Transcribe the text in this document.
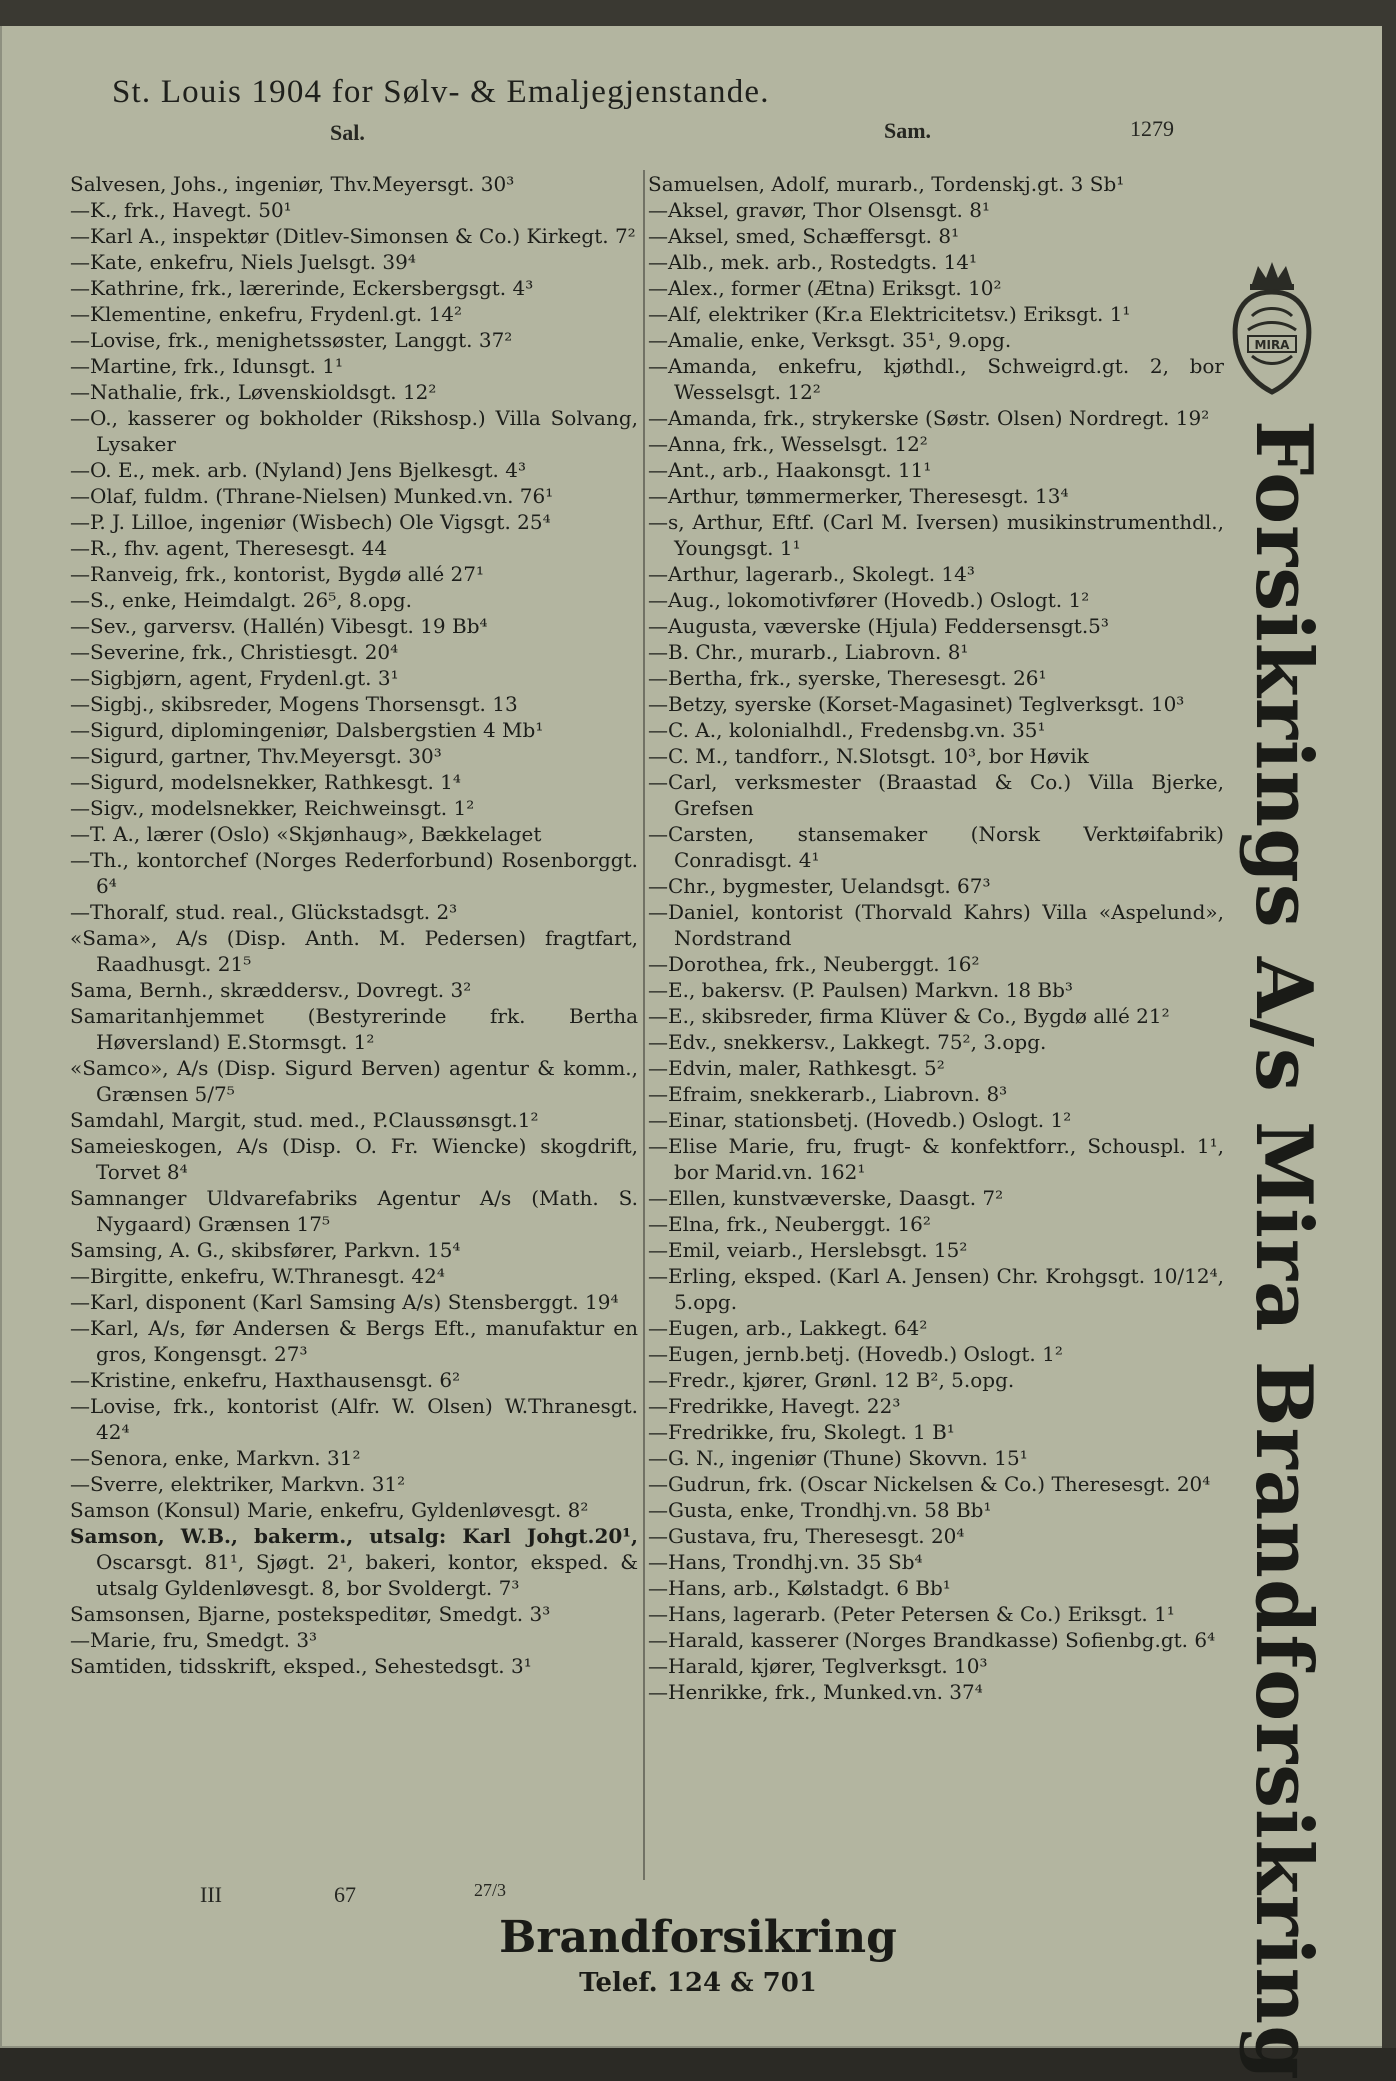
St. Louis 1904 for Sølv- & Emaljegjenstande.
Sal.	Sam.	1279

Salvesen, Johs., ingeniør, Thv.Meyersgt. 30³

—K., frk., Havegt. 50¹

—Karl A., inspektør (Ditlev-Simonsen & Co.) Kirkegt. 7²

—Kate, enkefru, Niels Juelsgt. 39⁴

—Kathrine, frk., lærerinde, Eckersbergsgt. 4³

—Klementine, enkefru, Frydenl.gt. 14²

—Lovise, frk., menighetssøster, Langgt. 37²

—Martine, frk., Idunsgt. 1¹

—Nathalie, frk., Løvenskioldsgt. 12²

—O., kasserer og bokholder (Rikshosp.) Villa Solvang, Lysaker

—O. E., mek. arb. (Nyland) Jens Bjelkesgt. 4³

—Olaf, fuldm. (Thrane-Nielsen) Munked.vn. 76¹

—P. J. Lilloe, ingeniør (Wisbech) Ole Vigsgt. 25⁴

—R., fhv. agent, Theresesgt. 44

—Ranveig, frk., kontorist, Bygdø allé 27¹

—S., enke, Heimdalgt. 26⁵, 8.opg.

—Sev., garversv. (Hallén) Vibesgt. 19 Bb⁴

—Severine, frk., Christiesgt. 20⁴

—Sigbjørn, agent, Frydenl.gt. 3¹

—Sigbj., skibsreder, Mogens Thorsensgt. 13

—Sigurd, diplomingeniør, Dalsbergstien 4 Mb¹

—Sigurd, gartner, Thv.Meyersgt. 30³

—Sigurd, modelsnekker, Rathkesgt. 1⁴

—Sigv., modelsnekker, Reichweinsgt. 1²

—T. A., lærer (Oslo) «Skjønhaug», Bækkelaget

—Th., kontorchef (Norges Rederforbund) Rosenborggt. 6⁴

—Thoralf, stud. real., Glückstadsgt. 2³

«Sama», A/s (Disp. Anth. M. Pedersen) fragtfart, Raadhusgt. 21⁵

Sama, Bernh., skræddersv., Dovregt. 3²

Samaritanhjemmet (Bestyrerinde frk. Bertha Høversland) E.Stormsgt. 1²

«Samco», A/s (Disp. Sigurd Berven) agentur & komm., Grænsen 5/7⁵

Samdahl, Margit, stud. med., P.Claussønsgt.1²

Sameieskogen, A/s (Disp. O. Fr. Wiencke) skogdrift, Torvet 8⁴

Samnanger Uldvarefabriks Agentur A/s (Math. S. Nygaard) Grænsen 17⁵

Samsing, A. G., skibsfører, Parkvn. 15⁴

—Birgitte, enkefru, W.Thranesgt. 42⁴

—Karl, disponent (Karl Samsing A/s) Stensberggt. 19⁴

—Karl, A/s, før Andersen & Bergs Eft., manufaktur en gros, Kongensgt. 27³

—Kristine, enkefru, Haxthausensgt. 6²

—Lovise, frk., kontorist (Alfr. W. Olsen) W.Thranesgt. 42⁴

—Senora, enke, Markvn. 31²

—Sverre, elektriker, Markvn. 31²

Samson (Konsul) Marie, enkefru, Gyldenløvesgt. 8²

Samson, W.B., bakerm., utsalg: Karl Johgt.20¹, Oscarsgt. 81¹, Sjøgt. 2¹, bakeri, kontor, eksped. & utsalg Gyldenløvesgt. 8, bor Svoldergt. 7³

Samsonsen, Bjarne, postekspeditør, Smedgt. 3³

—Marie, fru, Smedgt. 3³

Samtiden, tidsskrift, eksped., Sehestedsgt. 3¹

Samuelsen, Adolf, murarb., Tordenskj.gt. 3 Sb¹

—Aksel, gravør, Thor Olsensgt. 8¹

—Aksel, smed, Schæffersgt. 8¹

—Alb., mek. arb., Rostedgts. 14¹

—Alex., former (Ætna) Eriksgt. 10²

—Alf, elektriker (Kr.a Elektricitetsv.) Eriksgt. 1¹

—Amalie, enke, Verksgt. 35¹, 9.opg.

—Amanda, enkefru, kjøthdl., Schweigrd.gt. 2, bor Wesselsgt. 12²

—Amanda, frk., strykerske (Søstr. Olsen) Nordregt. 19²

—Anna, frk., Wesselsgt. 12²

—Ant., arb., Haakonsgt. 11¹

—Arthur, tømmermerker, Theresesgt. 13⁴

—s, Arthur, Eftf. (Carl M. Iversen) musikinstrumenthdl., Youngsgt. 1¹

—Arthur, lagerarb., Skolegt. 14³

—Aug., lokomotivfører (Hovedb.) Oslogt. 1²

—Augusta, væverske (Hjula) Feddersensgt.5³

—B. Chr., murarb., Liabrovn. 8¹

—Bertha, frk., syerske, Theresesgt. 26¹

—Betzy, syerske (Korset-Magasinet) Teglverksgt. 10³

—C. A., kolonialhdl., Fredensbg.vn. 35¹

—C. M., tandforr., N.Slotsgt. 10³, bor Høvik

—Carl, verksmester (Braastad & Co.) Villa Bjerke, Grefsen

—Carsten, stansemaker (Norsk Verktøifabrik) Conradisgt. 4¹

—Chr., bygmester, Uelandsgt. 67³

—Daniel, kontorist (Thorvald Kahrs) Villa «Aspelund», Nordstrand

—Dorothea, frk., Neuberggt. 16²

—E., bakersv. (P. Paulsen) Markvn. 18 Bb³

—E., skibsreder, firma Klüver & Co., Bygdø allé 21²

—Edv., snekkersv., Lakkegt. 75², 3.opg.

—Edvin, maler, Rathkesgt. 5²

—Efraim, snekkerarb., Liabrovn. 8³

—Einar, stationsbetj. (Hovedb.) Oslogt. 1²

—Elise Marie, fru, frugt- & konfektforr., Schouspl. 1¹, bor Marid.vn. 162¹

—Ellen, kunstvæverske, Daasgt. 7²

—Elna, frk., Neuberggt. 16²

—Emil, veiarb., Herslebsgt. 15²

—Erling, eksped. (Karl A. Jensen) Chr. Krohgsgt. 10/12⁴, 5.opg.

—Eugen, arb., Lakkegt. 64²

—Eugen, jernb.betj. (Hovedb.) Oslogt. 1²

—Fredr., kjører, Grønl. 12 B², 5.opg.

—Fredrikke, Havegt. 22³

—Fredrikke, fru, Skolegt. 1 B¹

—G. N., ingeniør (Thune) Skovvn. 15¹

—Gudrun, frk. (Oscar Nickelsen & Co.) Theresesgt. 20⁴

—Gusta, enke, Trondhj.vn. 58 Bb¹

—Gustava, fru, Theresesgt. 20⁴

—Hans, Trondhj.vn. 35 Sb⁴

—Hans, arb., Kølstadgt. 6 Bb¹

—Hans, lagerarb. (Peter Petersen & Co.) Eriksgt. 1¹

—Harald, kasserer (Norges Brandkasse) Sofienbg.gt. 6⁴

—Harald, kjører, Teglverksgt. 10³

—Henrikke, frk., Munked.vn. 37⁴

MIRA
Forsikrings A/s Mira Brandforsikring
III	67	27/3
Brandforsikring
Telef. 124 & 701
